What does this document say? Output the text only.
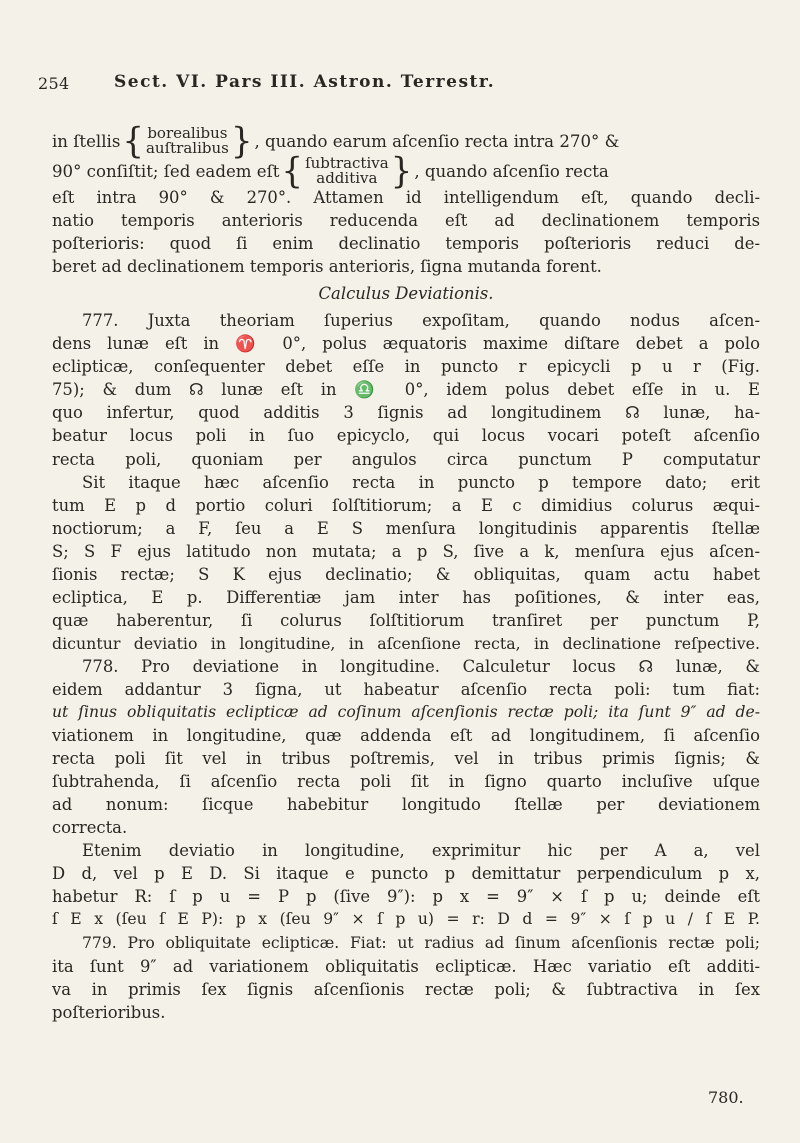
254	Sect. VI. Pars III. Astron. Terrestr.
in ſtellis { borealibus
auſtralibus } , quando earum aſcenſio recta intra 270° &
90° conſiſtit; ſed eadem eſt { ſubtractiva
additiva } , quando aſcenſio recta
eſt intra 90° & 270°. Attamen id intelligendum eſt, quando decli-
natio temporis anterioris reducenda eſt ad declinationem temporis
poſterioris: quod ſi enim declinatio temporis poſterioris reduci de-
beret ad declinationem temporis anterioris, ſigna mutanda forent.
Calculus Deviationis.
777. Juxta theoriam ſuperius expoſitam, quando nodus aſcen-
dens lunæ eſt in ♈ 0°, polus æquatoris maxime diſtare debet a polo
eclipticæ, conſequenter debet eſſe in puncto r epicycli p u r (Fig.
75); & dum ☊ lunæ eſt in ♎ 0°, idem polus debet eſſe in u. E
quo infertur, quod additis 3 ſignis ad longitudinem ☊ lunæ, ha-
beatur locus poli in ſuo epicyclo, qui locus vocari poteſt aſcenſio
recta poli, quoniam per angulos circa punctum P computatur
Sit itaque hæc aſcenſio recta in puncto p tempore dato; erit
tum E p d portio coluri ſolſtitiorum; a E c dimidius colurus æqui-
noctiorum; a F, ſeu a E S menſura longitudinis apparentis ſtellæ
S; S F ejus latitudo non mutata; a p S, ſive a k, menſura ejus aſcen-
ſionis rectæ; S K ejus declinatio; & obliquitas, quam actu habet
ecliptica, E p. Differentiæ jam inter has poſitiones, & inter eas,
quæ haberentur, ſi colurus ſolſtitiorum tranſiret per punctum P,
dicuntur deviatio in longitudine, in aſcenſione recta, in declinatione reſpective.
778. Pro deviatione in longitudine. Calculetur locus ☊ lunæ, &
eidem addantur 3 ſigna, ut habeatur aſcenſio recta poli: tum fiat:
ut ſinus obliquitatis eclipticæ ad coſinum aſcenſionis rectæ poli; ita ſunt 9″ ad de-
viationem in longitudine, quæ addenda eſt ad longitudinem, ſi aſcenſio
recta poli ſit vel in tribus poſtremis, vel in tribus primis ſignis; &
ſubtrahenda, ſi aſcenſio recta poli ſit in ſigno quarto incluſive uſque
ad nonum: ſicque habebitur longitudo ſtellæ per deviationem
correcta.
Etenim deviatio in longitudine, exprimitur hic per A a, vel
D d, vel p E D. Si itaque e puncto p demittatur perpendiculum p x,
habetur R: ſ p u = P p (ſive 9″): p x = 9″ × ſ p u; deinde eſt
ſ E x (ſeu ſ E P): p x (ſeu 9″ × ſ p u) = r: D d = 9″ × ſ p u / ſ E P.
779. Pro obliquitate eclipticæ. Fiat: ut radius ad ſinum aſcenſionis rectæ poli;
ita ſunt 9″ ad variationem obliquitatis eclipticæ. Hæc variatio eſt additi-
va in primis ſex ſignis aſcenſionis rectæ poli; & ſubtractiva in ſex
poſterioribus.
780.
